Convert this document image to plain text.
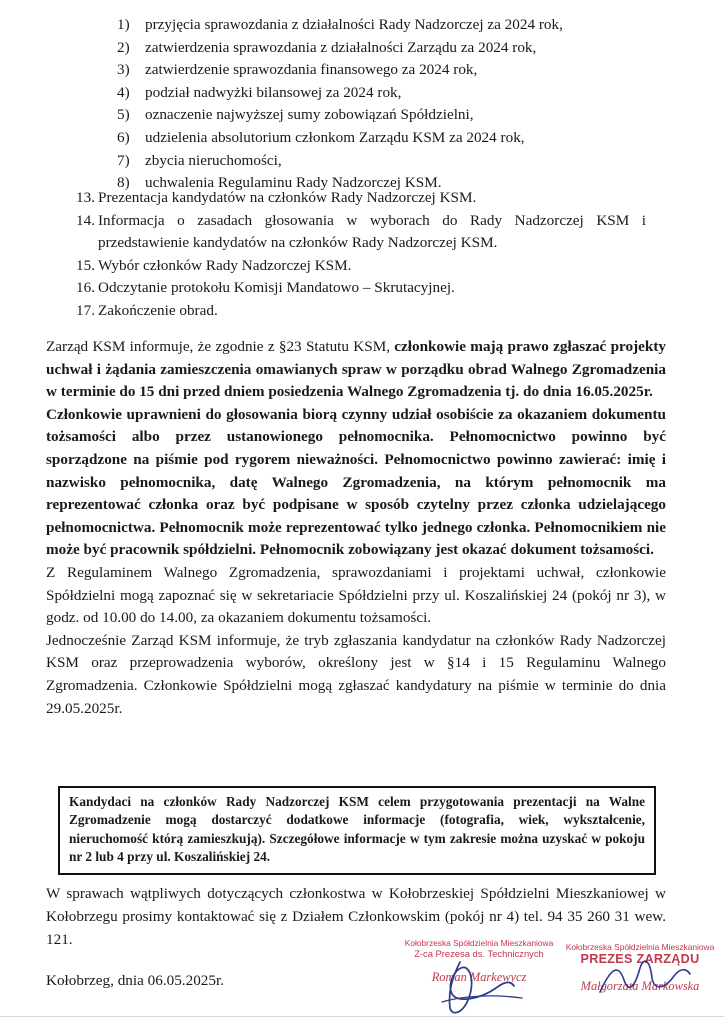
1) przyjęcia sprawozdania z działalności Rady Nadzorczej za 2024 rok,
2) zatwierdzenia sprawozdania z działalności Zarządu za 2024 rok,
3) zatwierdzenie sprawozdania finansowego za 2024 rok,
4) podział nadwyżki bilansowej za 2024 rok,
5) oznaczenie najwyższej sumy zobowiązań Spółdzielni,
6) udzielenia absolutorium członkom Zarządu KSM za 2024 rok,
7) zbycia nieruchomości,
8) uchwalenia Regulaminu Rady Nadzorczej KSM.
13. Prezentacja kandydatów na członków Rady Nadzorczej KSM.
14. Informacja o zasadach głosowania w wyborach do Rady Nadzorczej KSM i przedstawienie kandydatów na członków Rady Nadzorczej KSM.
15. Wybór członków Rady Nadzorczej KSM.
16. Odczytanie protokołu Komisji Mandatowo – Skrutacyjnej.
17. Zakończenie obrad.

Zarząd KSM informuje, że zgodnie z §23 Statutu KSM, członkowie mają prawo zgłaszać projekty uchwał i żądania zamieszczenia omawianych spraw w porządku obrad Walnego Zgromadzenia w terminie do 15 dni przed dniem posiedzenia Walnego Zgromadzenia tj. do dnia 16.05.2025r.

Członkowie uprawnieni do głosowania biorą czynny udział osobiście za okazaniem dokumentu tożsamości albo przez ustanowionego pełnomocnika. Pełnomocnictwo powinno być sporządzone na piśmie pod rygorem nieważności. Pełnomocnictwo powinno zawierać: imię i nazwisko pełnomocnika, datę Walnego Zgromadzenia, na którym pełnomocnik ma reprezentować członka oraz być podpisane w sposób czytelny przez członka udzielającego pełnomocnictwa. Pełnomocnik może reprezentować tylko jednego członka. Pełnomocnikiem nie może być pracownik spółdzielni. Pełnomocnik zobowiązany jest okazać dokument tożsamości.

Z Regulaminem Walnego Zgromadzenia, sprawozdaniami i projektami uchwał, członkowie Spółdzielni mogą zapoznać się w sekretariacie Spółdzielni przy ul. Koszalińskiej 24 (pokój nr 3), w godz. od 10.00 do 14.00, za okazaniem dokumentu tożsamości.

Jednocześnie Zarząd KSM informuje, że tryb zgłaszania kandydatur na członków Rady Nadzorczej KSM oraz przeprowadzenia wyborów, określony jest w §14 i 15 Regulaminu Walnego Zgromadzenia. Członkowie Spółdzielni mogą zgłaszać kandydatury na piśmie w terminie do dnia 29.05.2025r.

Kandydaci na członków Rady Nadzorczej KSM celem przygotowania prezentacji na Walne Zgromadzenie mogą dostarczyć dodatkowe informacje (fotografia, wiek, wykształcenie, nieruchomość którą zamieszkują). Szczegółowe informacje w tym zakresie można uzyskać w pokoju nr 2 lub 4 przy ul. Koszalińskiej 24.
W sprawach wątpliwych dotyczących członkostwa w Kołobrzeskiej Spółdzielni Mieszkaniowej w Kołobrzegu prosimy kontaktować się z Działem Członkowskim (pokój nr 4) tel. 94 35 260 31 wew. 121.
Kołobrzeg, dnia 06.05.2025r.
Kołobrzeska Spółdzielnia Mieszkaniowa
Z-ca Prezesa ds. Technicznych
Roman Markewycz
Kołobrzeska Spółdzielnia Mieszkaniowa
PREZES ZARZĄDU
Małgorzata Markowska
